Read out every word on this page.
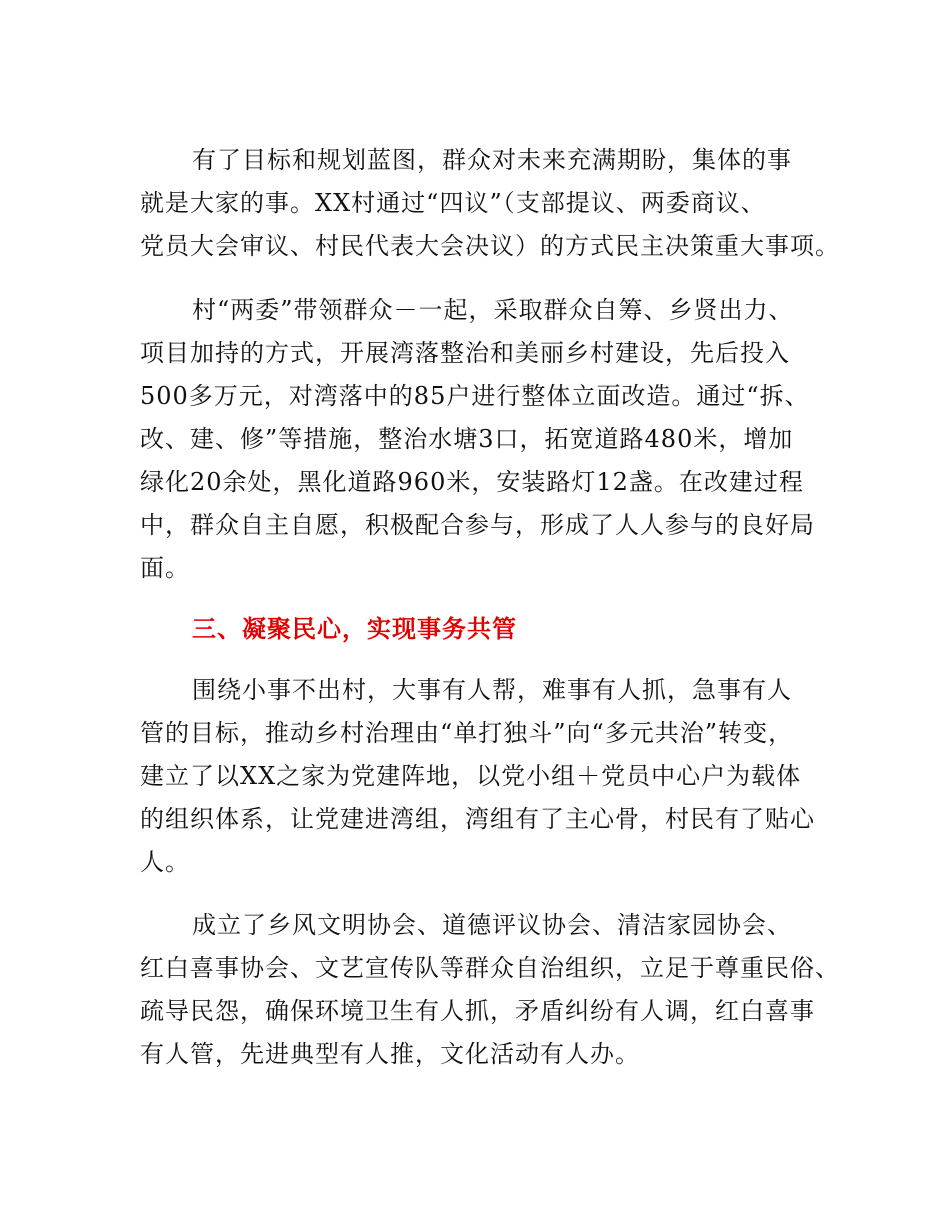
有了目标和规划蓝图，群众对未来充满期盼，集体的事
就是大家的事。XX村通过“四议”（支部提议、两委商议、
党员大会审议、村民代表大会决议）的方式民主决策重大事项。
村“两委”带领群众－一起，采取群众自筹、乡贤出力、
项目加持的方式，开展湾落整治和美丽乡村建设，先后投入
500多万元，对湾落中的85户进行整体立面改造。通过“拆、
改、建、修”等措施，整治水塘3口，拓宽道路480米，增加
绿化20余处，黑化道路960米，安装路灯12盏。在改建过程
中，群众自主自愿，积极配合参与，形成了人人参与的良好局
面。
三、凝聚民心，实现事务共管
围绕小事不出村，大事有人帮，难事有人抓，急事有人
管的目标，推动乡村治理由“单打独斗”向“多元共治”转变，
建立了以XX之家为党建阵地，以党小组＋党员中心户为载体
的组织体系，让党建进湾组，湾组有了主心骨，村民有了贴心
人。
成立了乡风文明协会、道德评议协会、清洁家园协会、
红白喜事协会、文艺宣传队等群众自治组织，立足于尊重民俗、
疏导民怨，确保环境卫生有人抓，矛盾纠纷有人调，红白喜事
有人管，先进典型有人推，文化活动有人办。
